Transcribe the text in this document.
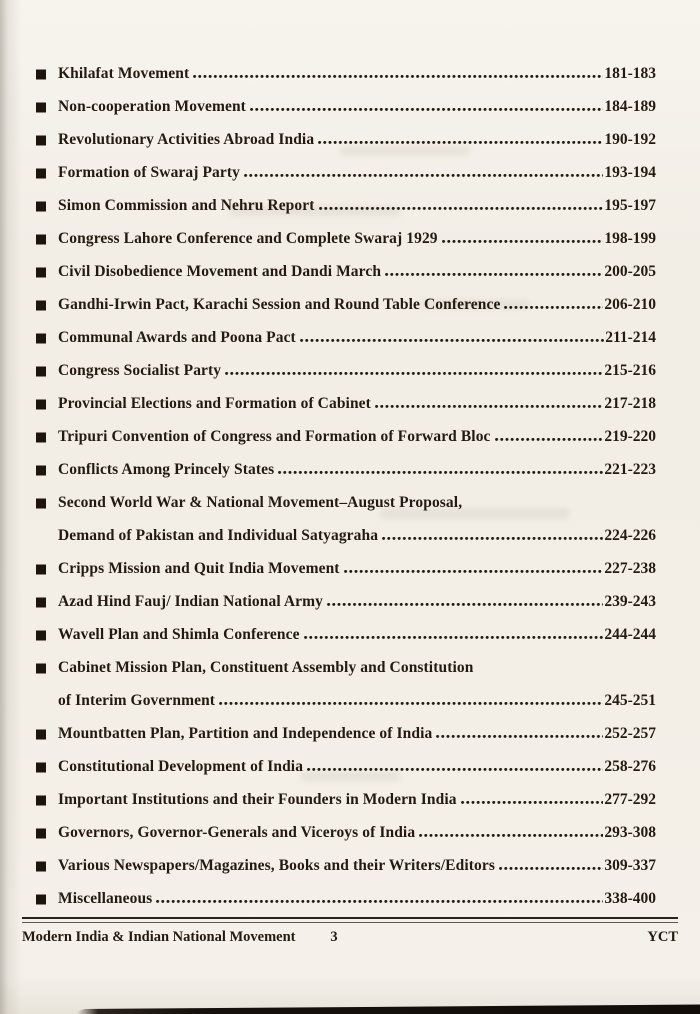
Khilafat Movement	181-183
Non-cooperation Movement	184-189
Revolutionary Activities Abroad India	190-192
Formation of Swaraj Party	193-194
Simon Commission and Nehru Report	195-197
Congress Lahore Conference and Complete Swaraj 1929	198-199
Civil Disobedience Movement and Dandi March	200-205
Gandhi-Irwin Pact, Karachi Session and Round Table Conference	206-210
Communal Awards and Poona Pact	211-214
Congress Socialist Party	215-216
Provincial Elections and Formation of Cabinet	217-218
Tripuri Convention of Congress and Formation of Forward Bloc	219-220
Conflicts Among Princely States	221-223
Second World War & National Movement–August Proposal,
Demand of Pakistan and Individual Satyagraha	224-226
Cripps Mission and Quit India Movement	227-238
Azad Hind Fauj/ Indian National Army	239-243
Wavell Plan and Shimla Conference	244-244
Cabinet Mission Plan, Constituent Assembly and Constitution
of Interim Government	245-251
Mountbatten Plan, Partition and Independence of India	252-257
Constitutional Development of India	258-276
Important Institutions and their Founders in Modern India	277-292
Governors, Governor-Generals and Viceroys of India	293-308
Various Newspapers/Magazines, Books and their Writers/Editors	309-337
Miscellaneous	338-400
Modern India & Indian National Movement 3	YCT
